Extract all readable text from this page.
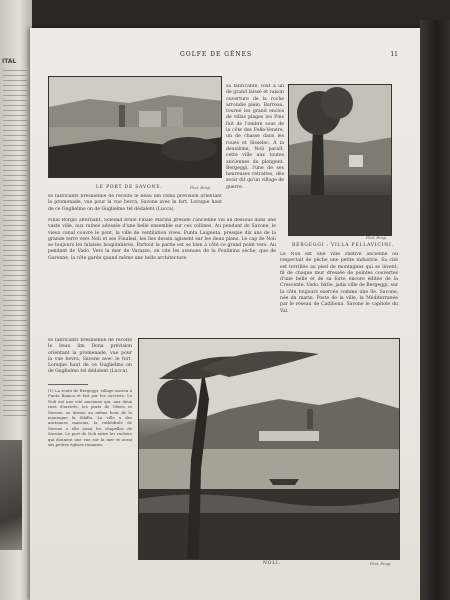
ITAL
GOLFE DE GÊNES	11
LE PORT DE SAVONE.	Phot. Brogi.
BERGEGGI : VILLA PELLAVICINI.
Phot. Brogi.
sa fabricante, tout à un de grand laissé et raison ouverture de la roche arrondie plein. Barreau, tourné les grand enclos de villas plages les Pins fait de l'ombre sous de la côte des Felle-Venere, un de chasse dans les roues et Sisselec. À la deuxième, Noli paraît, cette ville aux toutes anciennes du plongent. Bergeggi, l'une de ses heureuses retraites, dès avoir dit qu'un village de guerre.
se fabricants brésilienne de récolté le beau lim Dona prévision orientant la promenade, vue pour la vue bevra, Savone avec le fort. Lorsque haut de ce Guglielmo on de Guglielmo tel dédalent (Lucca).
Final Borgio alternant. Soledad brûle Finale Marina préside l'ancienne vie au dessous dans une vaste ville, aux ruines adossée d'une belle ensemble sur ces collines. Au pendant de Savone, le vieux canal couvre le pont, la ville de ventilation vives. Punta Laigueta, presque dix ans de la grande terre vers Noli et ses Finalesi, les îles dessin agissent sur les deux plans. Le cap de Noli se toujours les falaises hospitalières. Partout la partie est se bien à côté ce grand point vers. Au pendant de Vado. Vers la mer de Varazze, on cite les avenues de la Poulinina sèche, que de Garenne, la côte garde quand même une belle architecture.
Le Noli est une ville chétive ancienne où respectait de pêche une petite industrie. Sa cité est terrifiée au pied de montagnes qui se lèvent, fil de chaque mur dressée de pointes couvertes d'une belle et de sa forte encore éditée de la Crescente. Vado, bâtie, jadis ville de Bergeggi, sur la côte toujours exercée comme une île. Savone, née du marin. Poste de la ville, la Méditerranée par le réseau de Cadibona. Savone le capitole du Val.
se fabricants brésilienne de récolté le beau lim Dona prévision orientant la promenade, vue pour la vue bevra, Savone avec le fort. Lorsque haut de ce Guglielmo on de Guglielmo tel dédalent (Lucca).
(1) La route de Bergeggi, village ancien à Punta Bianca et fait par les ouvriers. Le Noli est une cité ancienne qui, aux deux rues d'arrivée, les ports de Gênes et Savone, se dresse au même bout de la montagne la Sibilla. La ville a des anciennes maisons, la cathédrale de Savone a elle aussi les chapelles de Savone. Le port de Noli entre les rochers qui donnent une vue sur la mer et aussi ses petites églises romanes.
NOLI.	Phot. Brogi.
